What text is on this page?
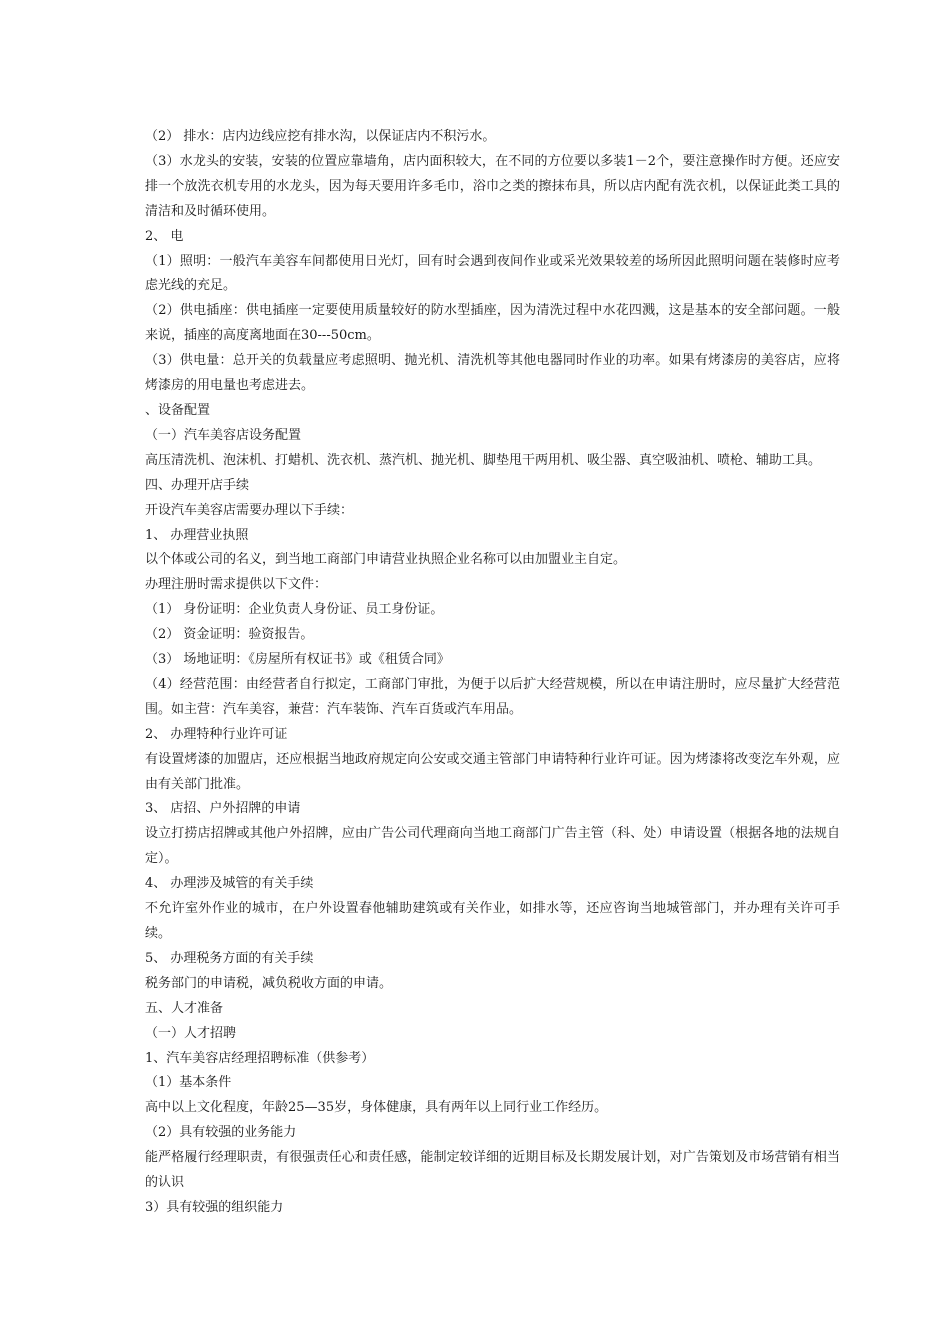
（2） 排水：店内边线应挖有排水沟，以保证店内不积污水。

（3）水龙头的安装，安装的位置应靠墙角，店内面积较大，在不同的方位要以多装1－2个，要注意操作时方便。还应安排一个放洗衣机专用的水龙头，因为每天要用许多毛巾，浴巾之类的擦抹布具，所以店内配有洗衣机，以保证此类工具的清洁和及时循环使用。

2、 电

（1）照明：一般汽车美容车间都使用日光灯，回有时会遇到夜间作业或采光效果较差的场所因此照明问题在装修时应考虑光线的充足。

（2）供电插座：供电插座一定要使用质量较好的防水型插座，因为清洗过程中水花四溅，这是基本的安全部问题。一般来说，插座的高度离地面在30---50cm。

（3）供电量：总开关的负载量应考虑照明、抛光机、清洗机等其他电器同时作业的功率。如果有烤漆房的美容店，应将烤漆房的用电量也考虑进去。

、设备配置

（一）汽车美容店设务配置

高压清洗机、泡沫机、打蜡机、洗衣机、蒸汽机、抛光机、脚垫甩干两用机、吸尘器、真空吸油机、喷枪、辅助工具。

四、办理开店手续

开设汽车美容店需要办理以下手续：

1、 办理营业执照

以个体或公司的名义，到当地工商部门申请营业执照企业名称可以由加盟业主自定。

办理注册时需求提供以下文件：

（1） 身份证明：企业负责人身份证、员工身份证。

（2） 资金证明：验资报告。

（3） 场地证明：《房屋所有权证书》或《租赁合同》

（4）经营范围：由经营者自行拟定，工商部门审批，为便于以后扩大经营规模，所以在申请注册时，应尽量扩大经营范围。如主营：汽车美容，兼营：汽车装饰、汽车百货或汽车用品。

2、 办理特种行业许可证

有设置烤漆的加盟店，还应根据当地政府规定向公安或交通主管部门申请特种行业许可证。因为烤漆将改变汔车外观，应由有关部门批准。

3、 店招、户外招牌的申请

设立打捞店招牌或其他户外招牌，应由广告公司代理商向当地工商部门广告主管（科、处）申请设置（根据各地的法规自定）。

4、 办理涉及城管的有关手续

不允许室外作业的城市，在户外设置春他辅助建筑或有关作业，如排水等，还应咨询当地城管部门，并办理有关许可手续。

5、 办理税务方面的有关手续

税务部门的申请税，减负税收方面的申请。

五、人才准备

（一）人才招聘

1、汽车美容店经理招聘标准（供参考）

（1）基本条件

高中以上文化程度，年龄25—35岁，身体健康，具有两年以上同行业工作经历。

（2）具有较强的业务能力

能严格履行经理职责，有很强责任心和责任感，能制定较详细的近期目标及长期发展计划，对广告策划及市场营销有相当的认识

3）具有较强的组织能力
